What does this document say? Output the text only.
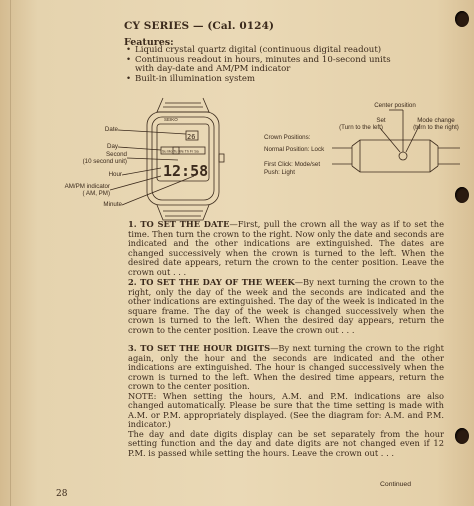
CY SERIES — (Cal. 0124)
Features:
• Liquid crystal quartz digital (continuous digital readout)
• Continuous readout in hours, minutes and 10-second units with day-date and AM/PM indicator
• Built-in illumination system
SEIKO
26
Su Mo Tu We Th Fr Sa
12:58
Date
Day
Second
(10 second unit)
Hour
AM/PM indicator
( AM, PM)
Minute
Center position
Set
(Turn to the left)
Mode change
(turn to the right)
Crown Positions:
Normal Position: Lock
First Click: Mode/set
Push: Light

1. TO SET THE DATE—First, pull the crown all the way as if to set the time. Then turn the crown to the right. Now only the date and seconds are indicated and the other indications are extinguished. The dates are changed successively when the crown is turned to the left. When the desired date appears, return the crown to the center position. Leave the crown out . . .

2. TO SET THE DAY OF THE WEEK—By next turning the crown to the right, only the day of the week and the seconds are indicated and the other indications are extinguished. The day of the week is indicated in the square frame. The day of the week is changed successively when the crown is turned to the left. When the desired day appears, return the crown to the center position. Leave the crown out . . .

3. TO SET THE HOUR DIGITS—By next turning the crown to the right again, only the hour and the seconds are indicated and the other indications are extinguished. The hour is changed successively when the crown is turned to the left. When the desired time appears, return the crown to the center position.

NOTE: When setting the hours, A.M. and P.M. indications are also changed automatically. Please be sure that the time setting is made with A.M. or P.M. appropriately displayed. (See the diagram for: A.M. and P.M. indicator.)

The day and date digits display can be set separately from the hour setting function and the day and date digits are not changed even if 12 P.M. is passed while setting the hours. Leave the crown out . . .

28
Continued
